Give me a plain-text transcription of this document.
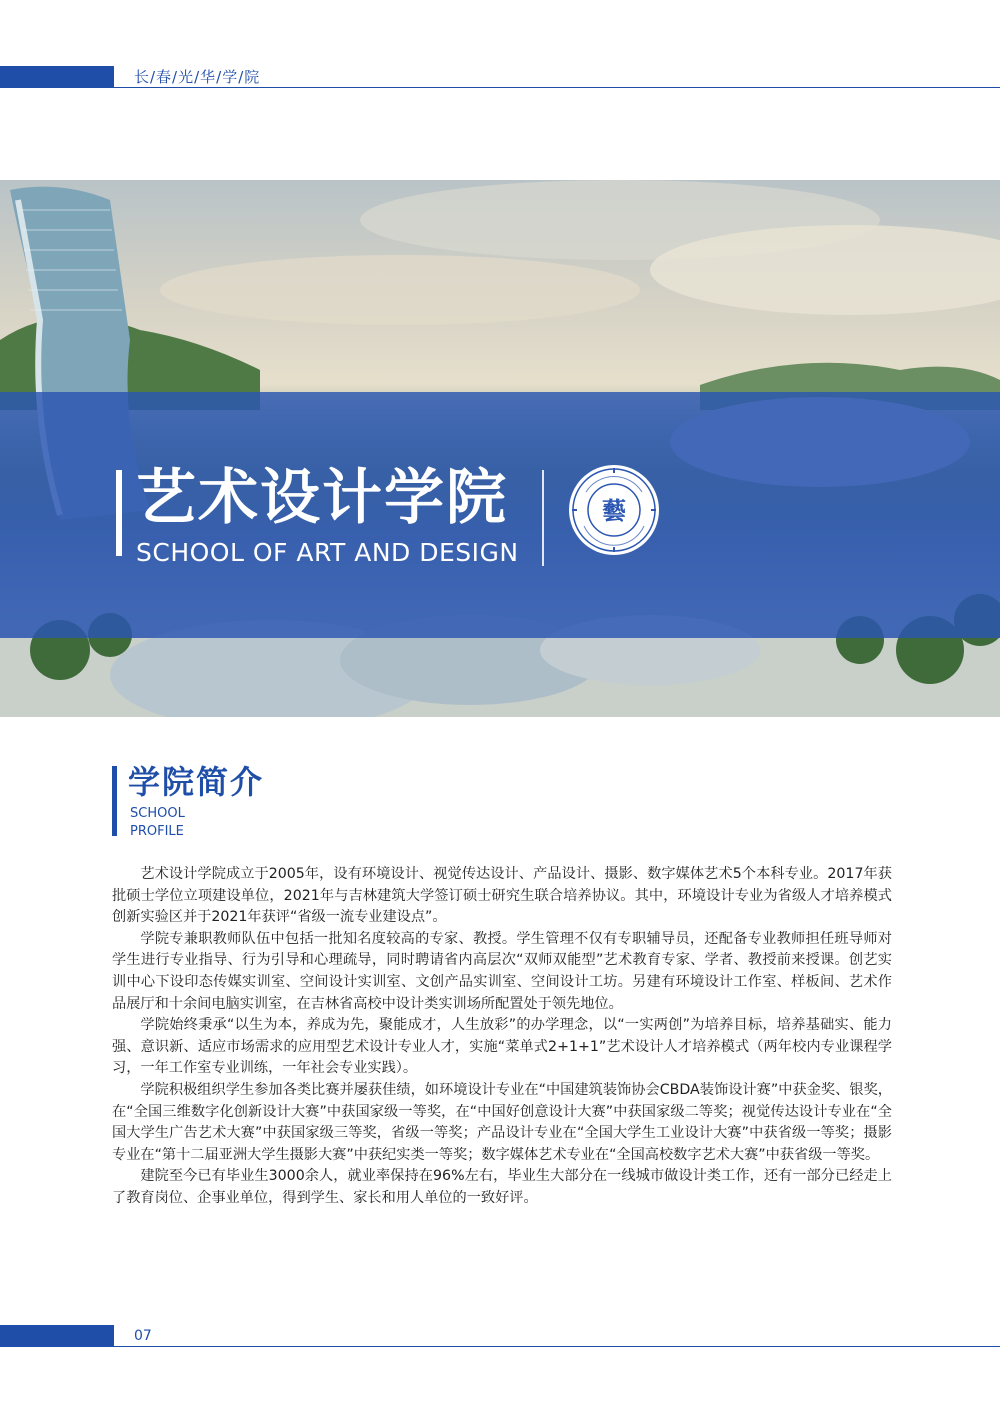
长/春/光/华/学/院
艺术设计学院
SCHOOL OF ART AND DESIGN
藝
学院简介
SCHOOL
PROFILE

艺术设计学院成立于2005年，设有环境设计、视觉传达设计、产品设计、摄影、数字媒体艺术5个本科专业。2017年获批硕士学位立项建设单位，2021年与吉林建筑大学签订硕士研究生联合培养协议。其中，环境设计专业为省级人才培养模式创新实验区并于2021年获评“省级一流专业建设点”。

学院专兼职教师队伍中包括一批知名度较高的专家、教授。学生管理不仅有专职辅导员，还配备专业教师担任班导师对学生进行专业指导、行为引导和心理疏导，同时聘请省内高层次“双师双能型”艺术教育专家、学者、教授前来授课。创艺实训中心下设印态传媒实训室、空间设计实训室、文创产品实训室、空间设计工坊。另建有环境设计工作室、样板间、艺术作品展厅和十余间电脑实训室，在吉林省高校中设计类实训场所配置处于领先地位。

学院始终秉承“以生为本，养成为先，聚能成才，人生放彩”的办学理念，以“一实两创”为培养目标，培养基础实、能力强、意识新、适应市场需求的应用型艺术设计专业人才，实施“菜单式2+1+1”艺术设计人才培养模式（两年校内专业课程学习，一年工作室专业训练，一年社会专业实践）。

学院积极组织学生参加各类比赛并屡获佳绩，如环境设计专业在“中国建筑装饰协会CBDA装饰设计赛”中获金奖、银奖，在“全国三维数字化创新设计大赛”中获国家级一等奖，在“中国好创意设计大赛”中获国家级二等奖；视觉传达设计专业在“全国大学生广告艺术大赛”中获国家级三等奖，省级一等奖；产品设计专业在“全国大学生工业设计大赛”中获省级一等奖；摄影专业在“第十二届亚洲大学生摄影大赛”中获纪实类一等奖；数字媒体艺术专业在“全国高校数字艺术大赛”中获省级一等奖。

建院至今已有毕业生3000余人，就业率保持在96%左右，毕业生大部分在一线城市做设计类工作，还有一部分已经走上了教育岗位、企事业单位，得到学生、家长和用人单位的一致好评。

07
